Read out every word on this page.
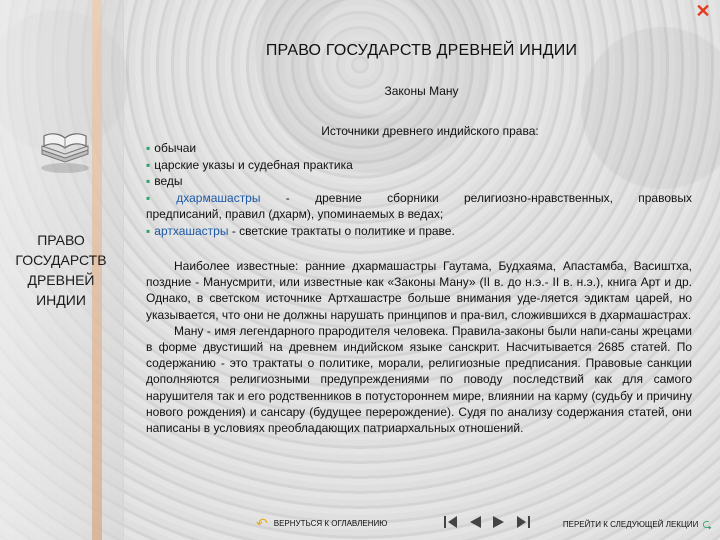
✕
ПРАВО ГОСУДАРСТВ ДРЕВНЕЙ ИНДИИ
Законы Ману
ПРАВО
ГОСУДАРСТВ
ДРЕВНЕЙ
ИНДИИ
Источники древнего индийского права:
▪ обычаи
▪ царские указы и судебная практика
▪ веды
▪ дхармашастры - древние сборники религиозно-нравственных, правовых
предписаний, правил (дхарм), упоминаемых в ведах;
▪ артхашастры - светские трактаты о политике и праве.

Наиболее известные: ранние дхармашастры Гаутама, Будхаяма, Апастамба, Васиштха, поздние - Манусмрити, или известные как «Законы Ману» (II в. до н.э.- II в. н.э.), книга Арт и др. Однако, в светском источнике Артхашастре больше внимания уде-ляется эдиктам царей, но указывается, что они не должны нарушать принципов и пра-вил, сложившихся в дхармашастрах.

Ману - имя легендарного прародителя человека. Правила-законы были напи-саны жрецами в форме двустиший на древнем индийском языке санскрит. Насчитывается 2685 статей. По содержанию - это трактаты о политике, морали, религиозные предписания. Правовые санкции дополняются религиозными предупреждениями по поводу последствий как для самого нарушителя так и его родственников в потустороннем мире, влиянии на карму (судьбу и причину нового рождения) и сансару (будущее перерождение). Судя по анализу содержания статей, они написаны в условиях преобладающих патриархальных отношений.

↶ ВЕРНУТЬСЯ К ОГЛАВЛЕНИЮ	ПЕРЕЙТИ К СЛЕДУЮЩЕЙ ЛЕКЦИИ ⮎
